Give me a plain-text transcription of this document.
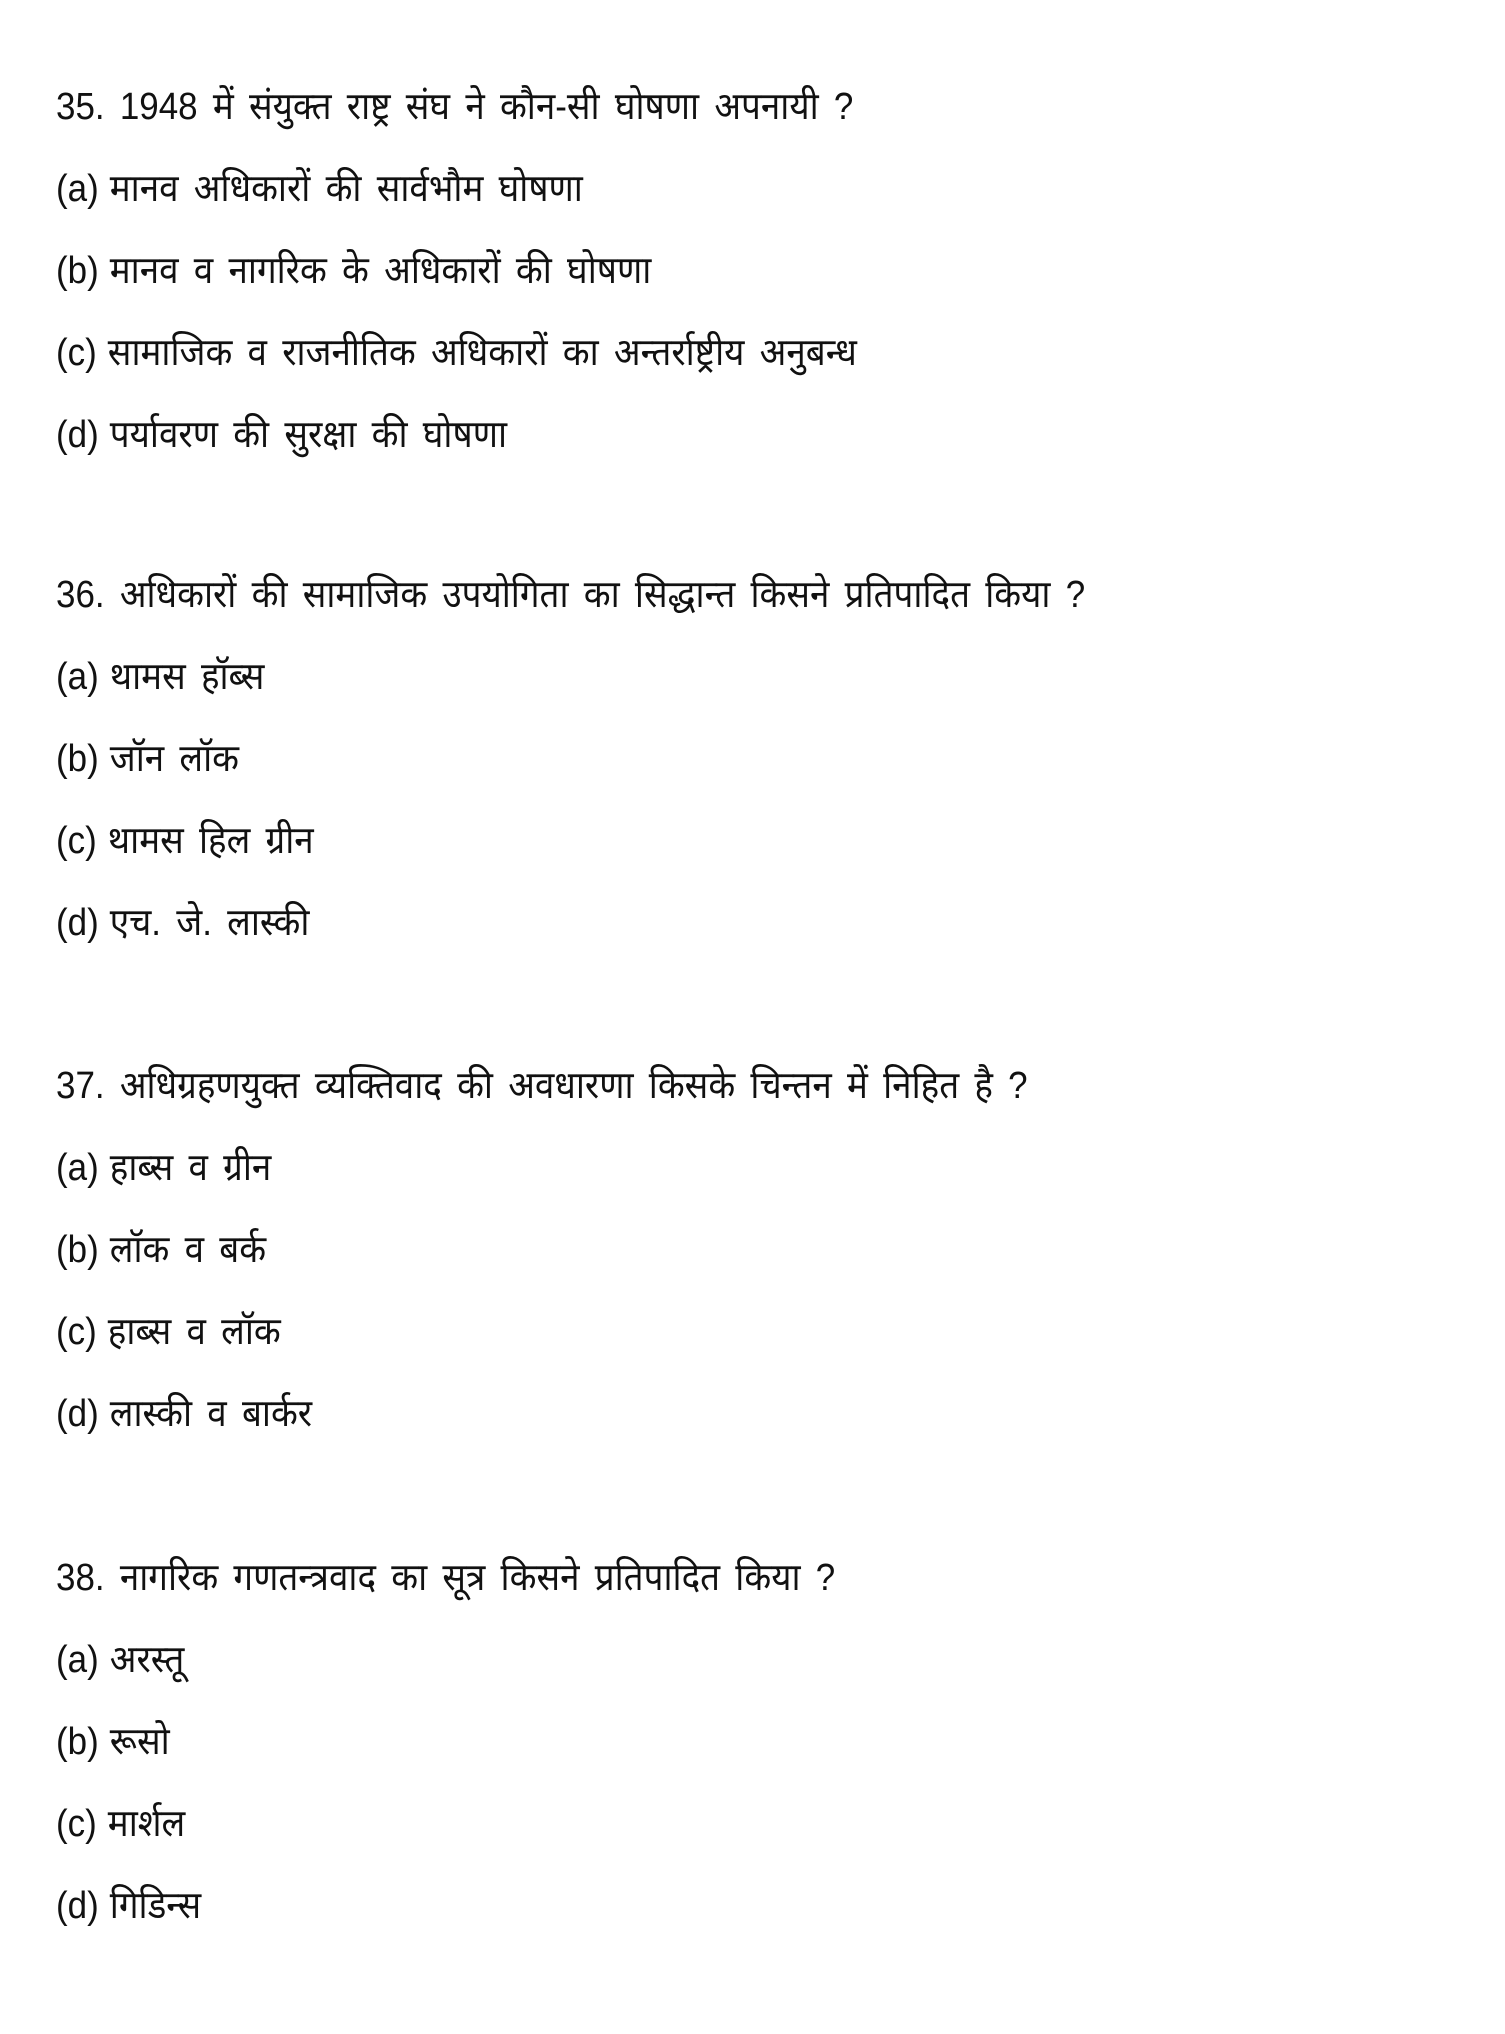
35. 1948 में संयुक्त राष्ट्र संघ ने कौन-सी घोषणा अपनायी ?
(a) मानव अधिकारों की सार्वभौम घोषणा
(b) मानव व नागरिक के अधिकारों की घोषणा
(c) सामाजिक व राजनीतिक अधिकारों का अन्तर्राष्ट्रीय अनुबन्ध
(d) पर्यावरण की सुरक्षा की घोषणा
36. अधिकारों की सामाजिक उपयोगिता का सिद्धान्त किसने प्रतिपादित किया ?
(a) थामस हॉब्स
(b) जॉन लॉक
(c) थामस हिल ग्रीन
(d) एच. जे. लास्की
37. अधिग्रहणयुक्त व्यक्तिवाद की अवधारणा किसके चिन्तन में निहित है ?
(a) हाब्स व ग्रीन
(b) लॉक व बर्क
(c) हाब्स व लॉक
(d) लास्की व बार्कर
38. नागरिक गणतन्त्रवाद का सूत्र किसने प्रतिपादित किया ?
(a) अरस्तू
(b) रूसो
(c) मार्शल
(d) गिडिन्स
